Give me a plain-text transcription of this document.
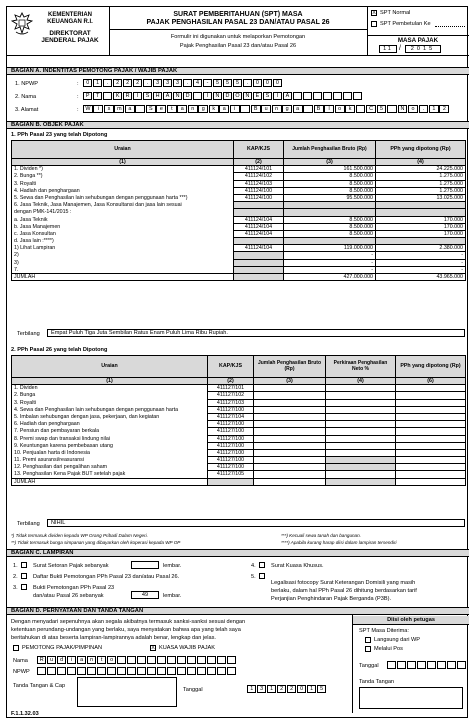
KEMENTERIAN KEUANGAN R.I.
DIREKTORAT JENDERAL PAJAK
SURAT PEMBERITAHUAN (SPT) MASA
PAJAK PENGHASILAN PASAL 23 DAN/ATAU PASAL 26
Formulir ini digunakan untuk melaporkan Pemotongan
Pajak Penghasilan Pasal 23 dan/atau Pasal 26
X SPT Normal
SPT Pembetulan Ke
MASA PAJAK
11 /	2015
BAGIAN A. INDENTITAS PEMOTONG PAJAK / WAJIB PAJAK
1. NPWP	:	0	1	.	2	2	2	.	3	3	3	.	4	-	5	5	5	.	0	0	0
2. Nama	:	P	T	K	R	I	S	H	A	N	D	I	N	D	O	N	E	S	I	A
3. Alamat	:	W	i	s	m	a	S	e	t	a	n	g	k	a	i	B	u	n	g	a	B	l	o	k	C	5	N	o	.	1	2
BAGIAN B. OBJEK PAJAK
1. PPh Pasal 23 yang telah Dipotong
Uraian	KAP/KJS	Jumlah Penghasilan Bruto (Rp)	PPh yang dipotong (Rp)
(1)	(2)	(3)	(4)
1. Dividen *)	411124/101	161.500.000	24.225.000
2. Bunga **)	411124/102	8.500.000	1.275.000
3. Royalti	411124/103	8.500.000	1.275.000
4. Hadiah dan penghargaan	411124/100	8.500.000	1.275.000
5. Sewa dan Penghasilan lain sehubungan dengan penggunaan harta ***)	411124/100	95.500.000	13.025.000
6. Jasa Teknik, Jasa Manajemen, Jasa Konsultansi dan jasa lain sesuai			
dengan PMK-141/2015 :			
a. Jasa Teknik	411124/104	8.500.000	170.000
b. Jasa Manajemen	411124/104	8.500.000	170.000
c. Jasa Konsultan	411124/104	8.500.000	170.000
d. Jasa lain :****)			
1) Lihat Lampiran	411124/104	119.000.000	2.380.000
2)		-	-
3)		-	-
7.		-	-
JUMLAH		427.000.000	43.965.000
Terbilang	Empat Puluh Tiga Juta Sembilan Ratus Enam Puluh Lima Ribu Rupiah.
2. PPh Pasal 26 yang telah Dipotong
Uraian	KAP/KJS	Jumlah Penghasilan Bruto (Rp)	Perkiraan Penghasilan Neto %	PPh yang dipotong (Rp)
(1)	(2)	(3)	(4)	(6)
1. Dividen	411127/101			
2. Bunga	411127/102			
3. Royalti	411127/103			
4. Sewa dan Penghasilan lain sehubungan dengan penggunaan harta	411127/100			
5. Imbalan sehubungan dengan jasa, pekerjaan, dan kegiatan	411127/104			
6. Hadiah dan penghargaan	411127/100			
7. Pensiun dan pembayaran berkala	411127/100			
8. Premi swap dan transaksi lindung nilai	411127/100			
9. Keuntungan karena pembebasan utang	411127/100			
10. Penjualan harta di Indonesia	411127/100			
11. Premi asuransi/reasuransi	411127/100			
12. Penghasilan dari pengalihan saham	411127/100			
13. Penghasilan Kena Pajak BUT setelah pajak	411127/105			
JUMLAH				
Terbilang	NIHIL
*) Tidak termasuk dividen kepada WP Orang Pribadi Dalam Negeri.
**) Tidak termasuk bunga simpanan yang dibayarkan oleh koperasi kepada WP OP
***) Kecuali sewa tanah dan bangunan.
****) Apabila kurang harap diisi dalam lampiran tersendiri
BAGIAN C. LAMPIRAN
1.	Surat Setoran Pajak sebanyak	lembar.
2.	Daftar Bukti Pemotongan PPh Pasal 23 dan/atau Pasal 26.
3.	Bukti Pemotongan PPh Pasal 23
dan/atau Pasal 26 sebanyak	49	lembar.
4.	Surat Kuasa Khusus.
5.
Legalisasi fotocopy Surat Keterangan Domisili yang masih
berlaku, dalam hal PPh Pasal 26 dihitung berdasarkan tarif
Perjanjian Penghindaran Pajak Berganda (P3B).
BAGIAN D. PERNYATAAN DAN TANDA TANGAN
Dengan menyadari sepenuhnya akan segala akibatnya termasuk sanksi-sanksi sesuai dengan
ketentuan perundang-undangan yang berlaku, saya menyatakan bahwa apa yang telah saya
beritahukan di atas beserta lampiran-lampirannya adalah benar, lengkap dan jelas.
PEMOTONG PAJAK/PIMPINAN	X KUASA WAJIB PAJAK
Nama	R	u	d	i	a	n	t	o
NPWP
Tanda Tangan & Cap
Tanggal	1	3	1	2	2	0	1	5
Diisi oleh petugas
SPT Masa Diterima:
Langsung dari WP
Melalui Pos
Tanggal
Tanda Tangan
F.1.1.32.03
